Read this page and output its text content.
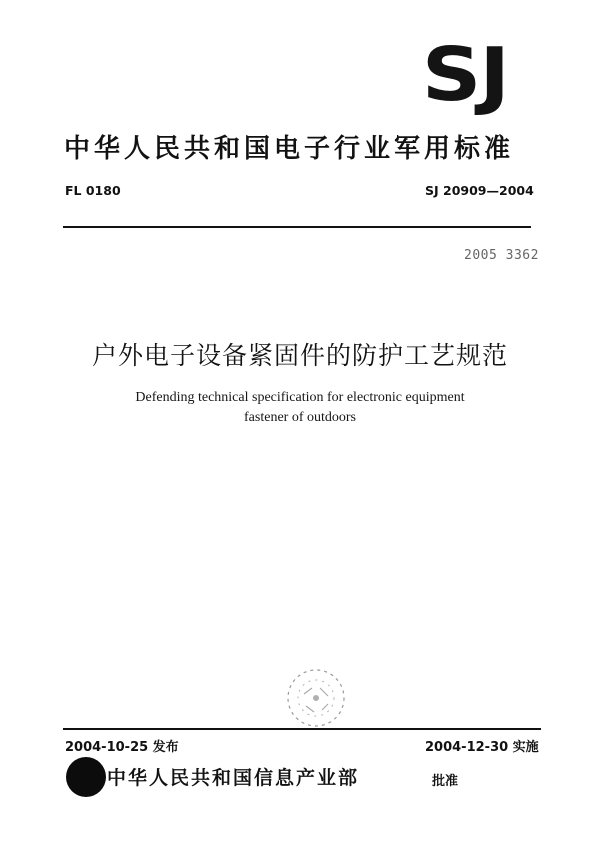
SJ
中华人民共和国电子行业军用标准
FL 0180	SJ 20909—2004
2005 3362
户外电子设备紧固件的防护工艺规范
Defending technical specification for electronic equipment
fastener of outdoors
2004-10-25 发布	2004-12-30 实施
中华人民共和国信息产业部	批准
